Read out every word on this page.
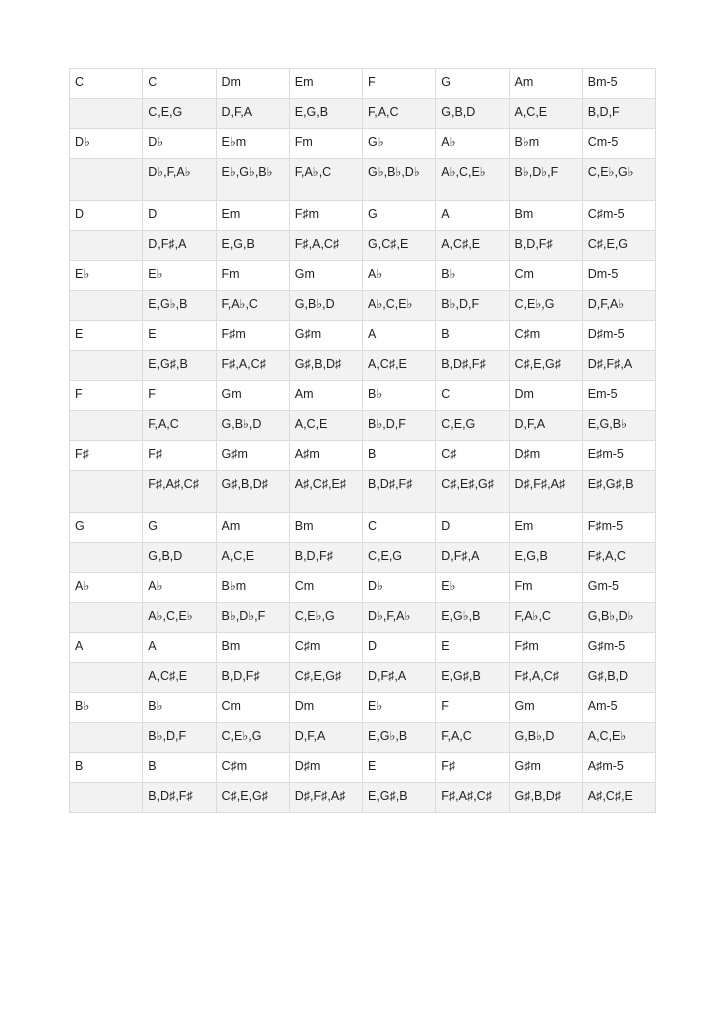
C	C	Dm	Em	F	G	Am	Bm-5
	C,E,G	D,F,A	E,G,B	F,A,C	G,B,D	A,C,E	B,D,F
D♭	D♭	E♭m	Fm	G♭	A♭	B♭m	Cm-5
	D♭,F,A♭	E♭,G♭,B♭	F,A♭,C	G♭,B♭,D♭	A♭,C,E♭	B♭,D♭,F	C,E♭,G♭
D	D	Em	F♯m	G	A	Bm	C♯m-5
	D,F♯,A	E,G,B	F♯,A,C♯	G,C♯,E	A,C♯,E	B,D,F♯	C♯,E,G
E♭	E♭	Fm	Gm	A♭	B♭	Cm	Dm-5
	E,G♭,B	F,A♭,C	G,B♭,D	A♭,C,E♭	B♭,D,F	C,E♭,G	D,F,A♭
E	E	F♯m	G♯m	A	B	C♯m	D♯m-5
	E,G♯,B	F♯,A,C♯	G♯,B,D♯	A,C♯,E	B,D♯,F♯	C♯,E,G♯	D♯,F♯,A
F	F	Gm	Am	B♭	C	Dm	Em-5
	F,A,C	G,B♭,D	A,C,E	B♭,D,F	C,E,G	D,F,A	E,G,B♭
F♯	F♯	G♯m	A♯m	B	C♯	D♯m	E♯m-5
	F♯,A♯,C♯	G♯,B,D♯	A♯,C♯,E♯	B,D♯,F♯	C♯,E♯,G♯	D♯,F♯,A♯	E♯,G♯,B
G	G	Am	Bm	C	D	Em	F♯m-5
	G,B,D	A,C,E	B,D,F♯	C,E,G	D,F♯,A	E,G,B	F♯,A,C
A♭	A♭	B♭m	Cm	D♭	E♭	Fm	Gm-5
	A♭,C,E♭	B♭,D♭,F	C,E♭,G	D♭,F,A♭	E,G♭,B	F,A♭,C	G,B♭,D♭
A	A	Bm	C♯m	D	E	F♯m	G♯m-5
	A,C♯,E	B,D,F♯	C♯,E,G♯	D,F♯,A	E,G♯,B	F♯,A,C♯	G♯,B,D
B♭	B♭	Cm	Dm	E♭	F	Gm	Am-5
	B♭,D,F	C,E♭,G	D,F,A	E,G♭,B	F,A,C	G,B♭,D	A,C,E♭
B	B	C♯m	D♯m	E	F♯	G♯m	A♯m-5
	B,D♯,F♯	C♯,E,G♯	D♯,F♯,A♯	E,G♯,B	F♯,A♯,C♯	G♯,B,D♯	A♯,C♯,E
